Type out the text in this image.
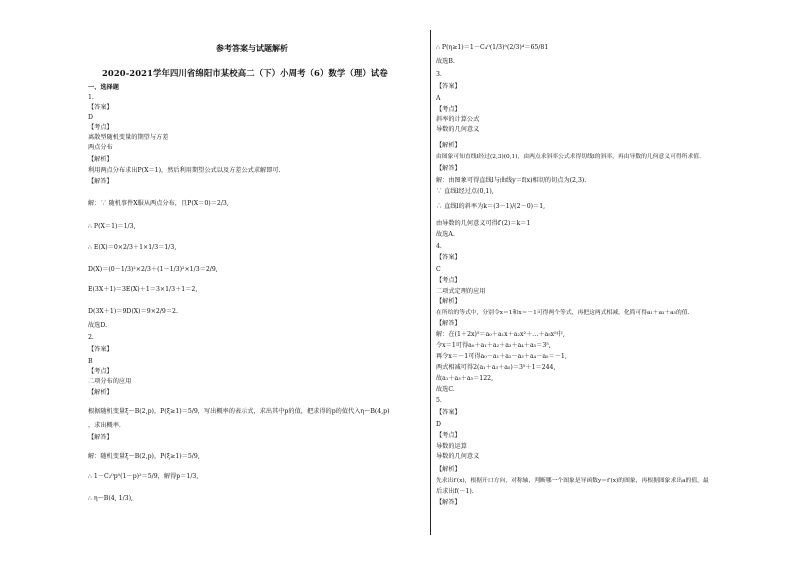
参考答案与试题解析
2020-2021学年四川省绵阳市某校高二（下）小周考（6）数学（理）试卷
一、选择题
1.
【答案】
D
【考点】
离散型随机变量的期望与方差
两点分布
【解析】
利用两点分布求出P(X＝1)，然后利用期望公式以及方差公式求解即可.
【解答】
解：∵ 随机事件X服从两点分布，且P(X＝0)＝2/3,
∴ P(X＝1)＝1/3,
∴ E(X)＝0×2/3＋1×1/3＝1/3,
D(X)＝(0－1/3)²×2/3＋(1－1/3)²×1/3＝2/9,
E(3X＋1)＝3E(X)＋1＝3×1/3＋1＝2,
D(3X＋1)＝9D(X)＝9×2/9＝2.
故选D.
2.
【答案】
B
【考点】
二项分布的应用
【解析】
根据随机变量ξ～B(2,p)，P(ξ≥1)＝5/9，写出概率的表示式，求出其中p的值，把求得的p的值代入η～B(4,p)
，求出概率.
【解答】
解：随机变量ξ～B(2,p)，P(ξ≥1)＝5/9,
∴ 1－C₂⁰p⁰(1－p)²＝5/9，解得p＝1/3,
∴ η～B(4, 1/3),
∴ P(η≥1)＝1－C₄⁰(1/3)⁰(2/3)⁴＝65/81
故选B.
3.
【答案】
A
【考点】
斜率的计算公式
导数的几何意义
【解析】
由图象可知直线l经过(2,3)(0,1)，由两点求斜率公式求得切线l的斜率，再由导数的几何意义可得所求值.
【解答】
解：由图象可得直线l与曲线y＝f(x)相切的切点为(2,3).
∵ 直线l经过点(0,1),
∴ 直线l的斜率为k＝(3－1)/(2－0)＝1,
由导数的几何意义可得f′(2)＝k＝1
故选A.
4.
【答案】
C
【考点】
二项式定理的应用
【解析】
在所给的等式中，分别令x＝1和x＝－1可得两个等式，再把这两式相减，化简可得a₁＋a₃＋a₅的值.
【解答】
解：在(1＋2x)⁵＝a₀＋a₁x＋a₂x²＋…＋a₅x⁵中,
令x＝1可得a₀＋a₁＋a₂＋a₃＋a₄＋a₅＝3⁵,
再令x＝－1可得a₀－a₁＋a₂－a₃＋a₄－a₅＝－1,
两式相减可得2(a₁＋a₃＋a₅)＝3⁵＋1＝244,
故a₁＋a₃＋a₅＝122,
故选C.
5.
【答案】
D
【考点】
导数的运算
导数的几何意义
【解析】
先求出f′(x)，根据开口方向，对称轴，判断哪一个图象是导函数y＝f′(x)的图象，再根据图象求出a的值，最
后求出f(－1).
【解答】
